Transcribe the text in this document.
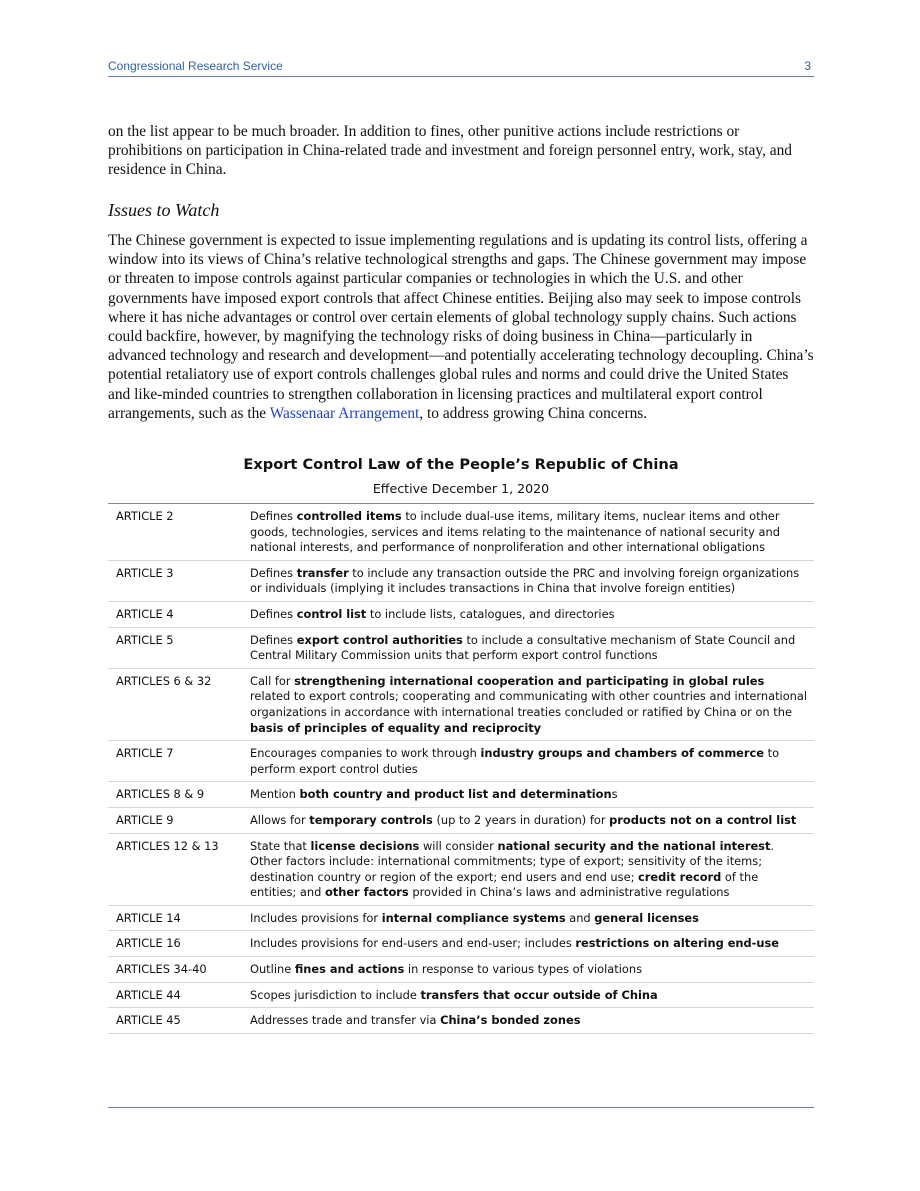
Congressional Research Service	3

on the list appear to be much broader. In addition to fines, other punitive actions include restrictions or prohibitions on participation in China-related trade and investment and foreign personnel entry, work, stay, and residence in China.

Issues to Watch

The Chinese government is expected to issue implementing regulations and is updating its control lists, offering a window into its views of China’s relative technological strengths and gaps. The Chinese government may impose or threaten to impose controls against particular companies or technologies in which the U.S. and other governments have imposed export controls that affect Chinese entities. Beijing also may seek to impose controls where it has niche advantages or control over certain elements of global technology supply chains. Such actions could backfire, however, by magnifying the technology risks of doing business in China—particularly in advanced technology and research and development—and potentially accelerating technology decoupling. China’s potential retaliatory use of export controls challenges global rules and norms and could drive the United States and like-minded countries to strengthen collaboration in licensing practices and multilateral export control arrangements, such as the Wassenaar Arrangement, to address growing China concerns.

Export Control Law of the People’s Republic of China
Effective December 1, 2020
ARTICLE 2	Defines controlled items to include dual-use items, military items, nuclear items and other goods, technologies, services and items relating to the maintenance of national security and national interests, and performance of nonproliferation and other international obligations
ARTICLE 3	Defines transfer to include any transaction outside the PRC and involving foreign organizations or individuals (implying it includes transactions in China that involve foreign entities)
ARTICLE 4	Defines control list to include lists, catalogues, and directories
ARTICLE 5	Defines export control authorities to include a consultative mechanism of State Council and Central Military Commission units that perform export control functions
ARTICLES 6 & 32	Call for strengthening international cooperation and participating in global rules related to export controls; cooperating and communicating with other countries and international organizations in accordance with international treaties concluded or ratified by China or on the basis of principles of equality and reciprocity
ARTICLE 7	Encourages companies to work through industry groups and chambers of commerce to perform export control duties
ARTICLES 8 & 9	Mention both country and product list and determinations
ARTICLE 9	Allows for temporary controls (up to 2 years in duration) for products not on a control list
ARTICLES 12 & 13	State that license decisions will consider national security and the national interest. Other factors include: international commitments; type of export; sensitivity of the items; destination country or region of the export; end users and end use; credit record of the entities; and other factors provided in China’s laws and administrative regulations
ARTICLE 14	Includes provisions for internal compliance systems and general licenses
ARTICLE 16	Includes provisions for end-users and end-user; includes restrictions on altering end-use
ARTICLES 34-40	Outline fines and actions in response to various types of violations
ARTICLE 44	Scopes jurisdiction to include transfers that occur outside of China
ARTICLE 45	Addresses trade and transfer via China’s bonded zones
